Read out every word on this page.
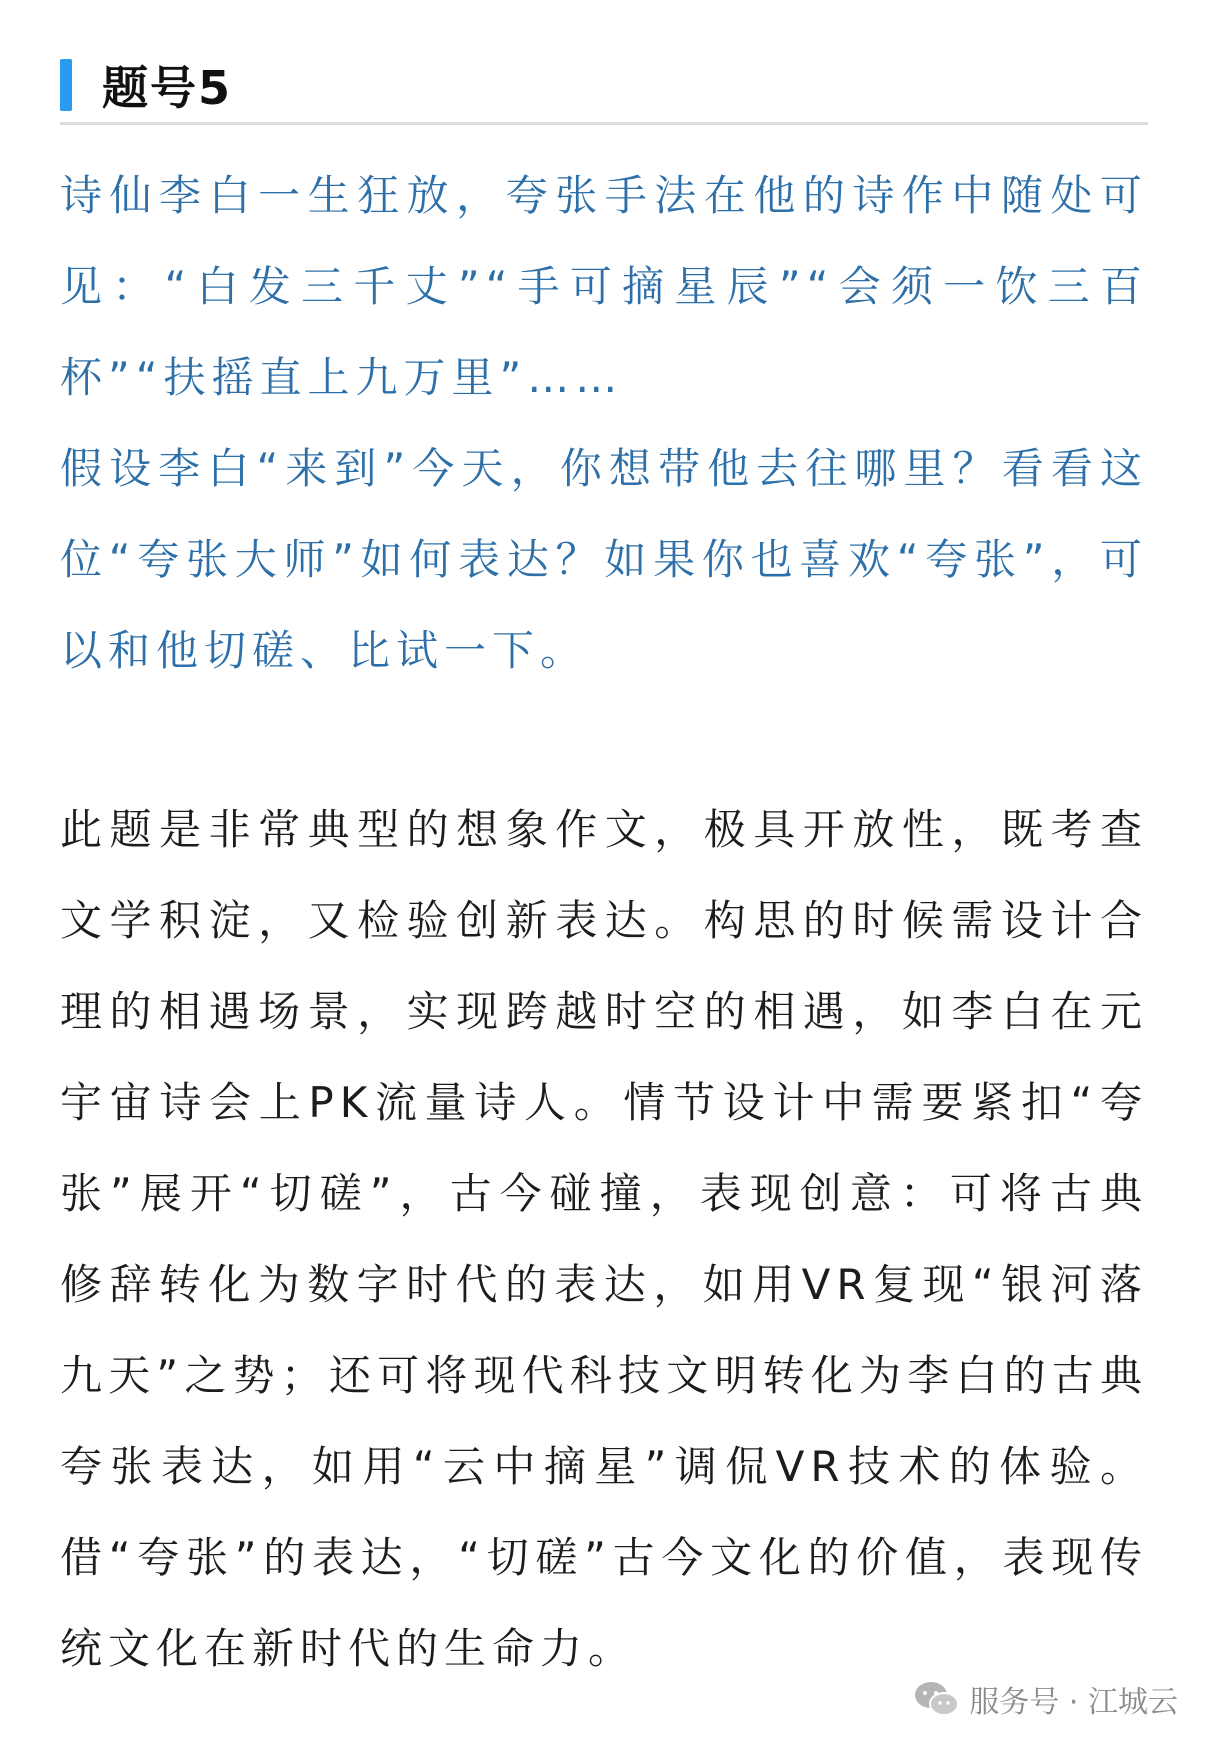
题号5

诗仙李白一生狂放，夸张手法在他的诗作中随处可见：“白发三千丈”“手可摘星辰”“会须一饮三百杯”“扶摇直上九万里”……

假设李白“来到”今天，你想带他去往哪里？看看这位“夸张大师”如何表达？如果你也喜欢“夸张”，可以和他切磋、比试一下。

此题是非常典型的想象作文，极具开放性，既考查文学积淀，又检验创新表达。构思的时候需设计合理的相遇场景，实现跨越时空的相遇，如李白在元宇宙诗会上PK流量诗人。情节设计中需要紧扣“夸张”展开“切磋”，古今碰撞，表现创意：可将古典修辞转化为数字时代的表达，如用VR复现“银河落九天”之势；还可将现代科技文明转化为李白的古典夸张表达，如用“云中摘星”调侃VR技术的体验。借“夸张”的表达，“切磋”古今文化的价值，表现传统文化在新时代的生命力。

服务号 · 江城云
